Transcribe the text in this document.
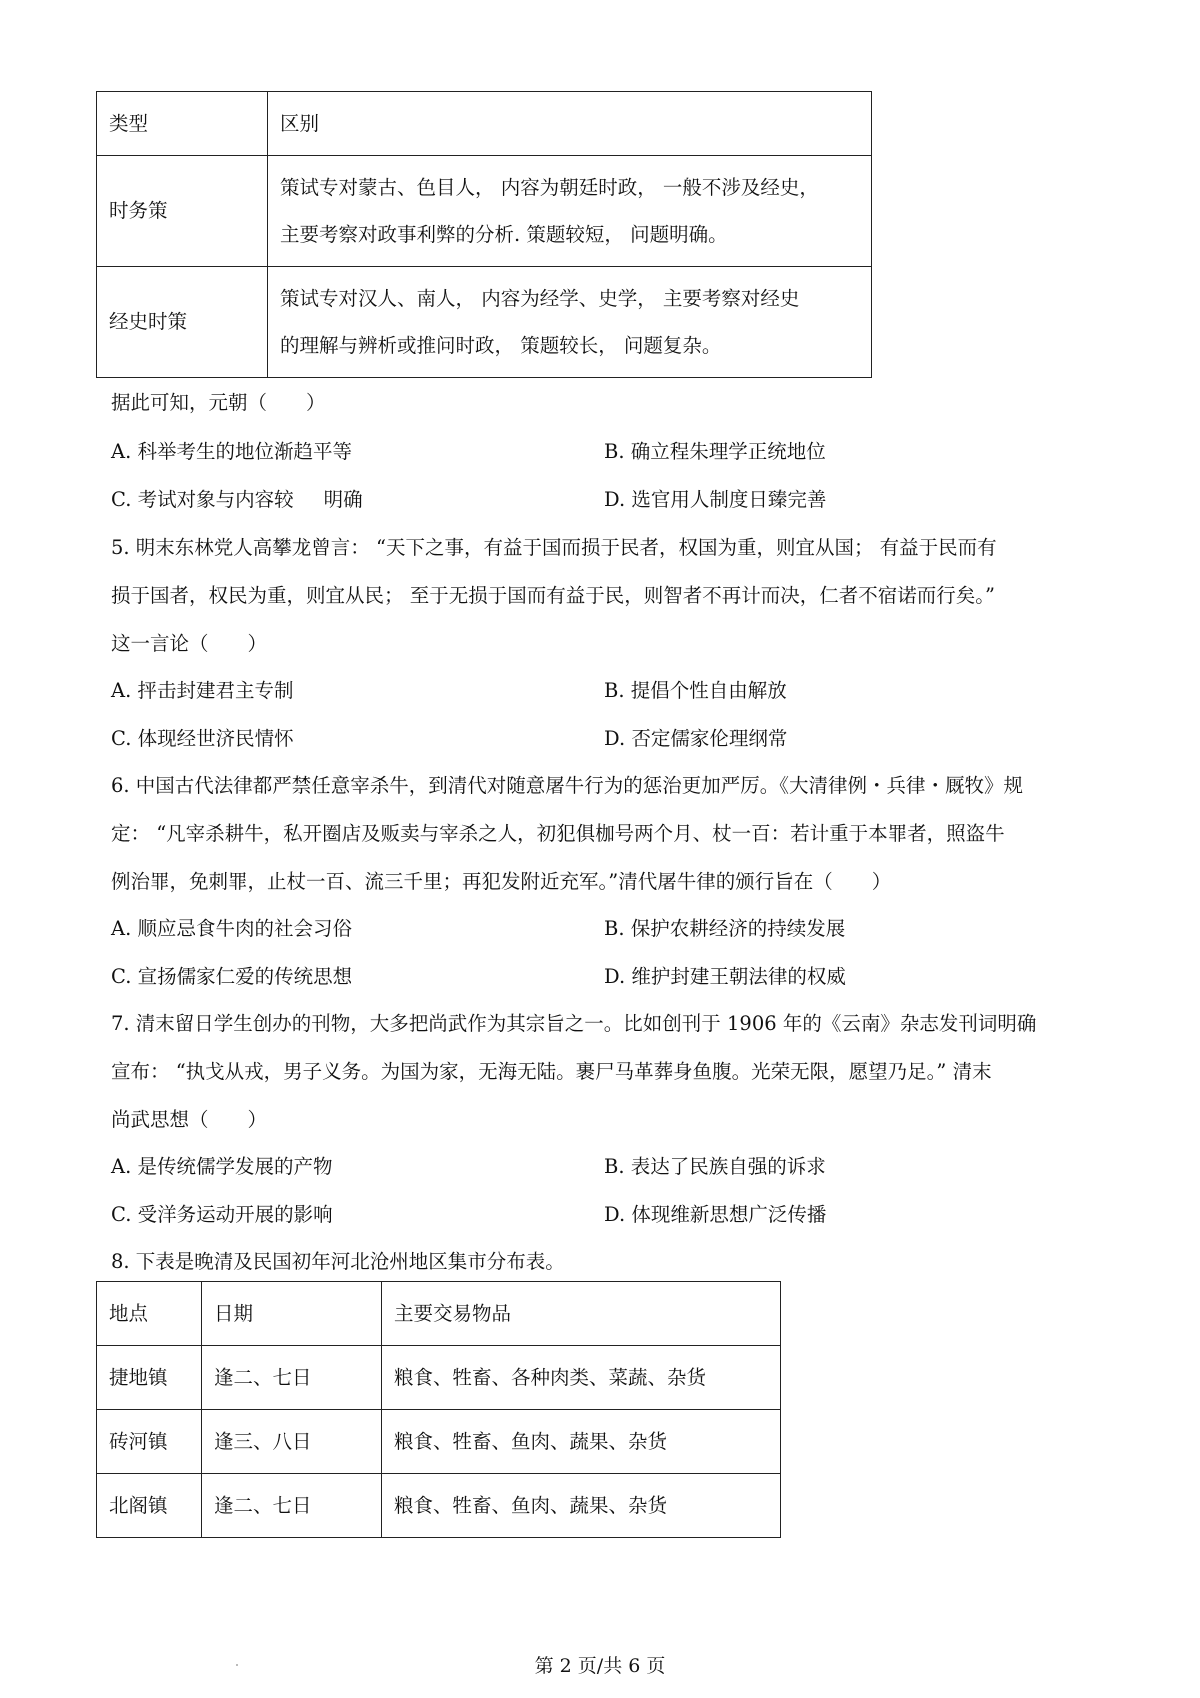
类型	区别
时务策	策试专对蒙古、色目人， 内容为朝廷时政， 一般不涉及经史，
主要考察对政事利弊的分析. 策题较短， 问题明确。

经史时策	策试专对汉人、南人， 内容为经学、史学， 主要考察对经史
的理解与辨析或推问时政， 策题较长， 问题复杂。
据此可知，元朝（　　）
A. 科举考生的地位渐趋平等	B. 确立程朱理学正统地位
C. 考试对象与内容较 明确	D. 选官用人制度日臻完善
5. 明末东林党人高攀龙曾言： “天下之事，有益于国而损于民者，权国为重，则宜从国； 有益于民而有
损于国者，权民为重，则宜从民； 至于无损于国而有益于民，则智者不再计而决，仁者不宿诺而行矣。”
这一言论（　　）
A. 抨击封建君主专制	B. 提倡个性自由解放
C. 体现经世济民情怀	D. 否定儒家伦理纲常
6. 中国古代法律都严禁任意宰杀牛，到清代对随意屠牛行为的惩治更加严厉。《大清律例・兵律・厩牧》规
定： “凡宰杀耕牛，私开圈店及贩卖与宰杀之人，初犯俱枷号两个月、杖一百：若计重于本罪者，照盗牛
例治罪，免刺罪，止杖一百、流三千里；再犯发附近充军。”清代屠牛律的颁行旨在（　　）
A. 顺应忌食牛肉的社会习俗	B. 保护农耕经济的持续发展
C. 宣扬儒家仁爱的传统思想	D. 维护封建王朝法律的权威
7. 清末留日学生创办的刊物，大多把尚武作为其宗旨之一。比如创刊于 1906 年的《云南》杂志发刊词明确
宣布： “执戈从戎，男子义务。为国为家，无海无陆。裹尸马革葬身鱼腹。光荣无限，愿望乃足。” 清末
尚武思想（　　）
A. 是传统儒学发展的产物	B. 表达了民族自强的诉求
C. 受洋务运动开展的影响	D. 体现维新思想广泛传播
8. 下表是晚清及民国初年河北沧州地区集市分布表。
地点	日期	主要交易物品
捷地镇	逢二、七日	粮食、牲畜、各种肉类、菜蔬、杂货
砖河镇	逢三、八日	粮食、牲畜、鱼肉、蔬果、杂货
北阁镇	逢二、七日	粮食、牲畜、鱼肉、蔬果、杂货
第 2 页/共 6 页
